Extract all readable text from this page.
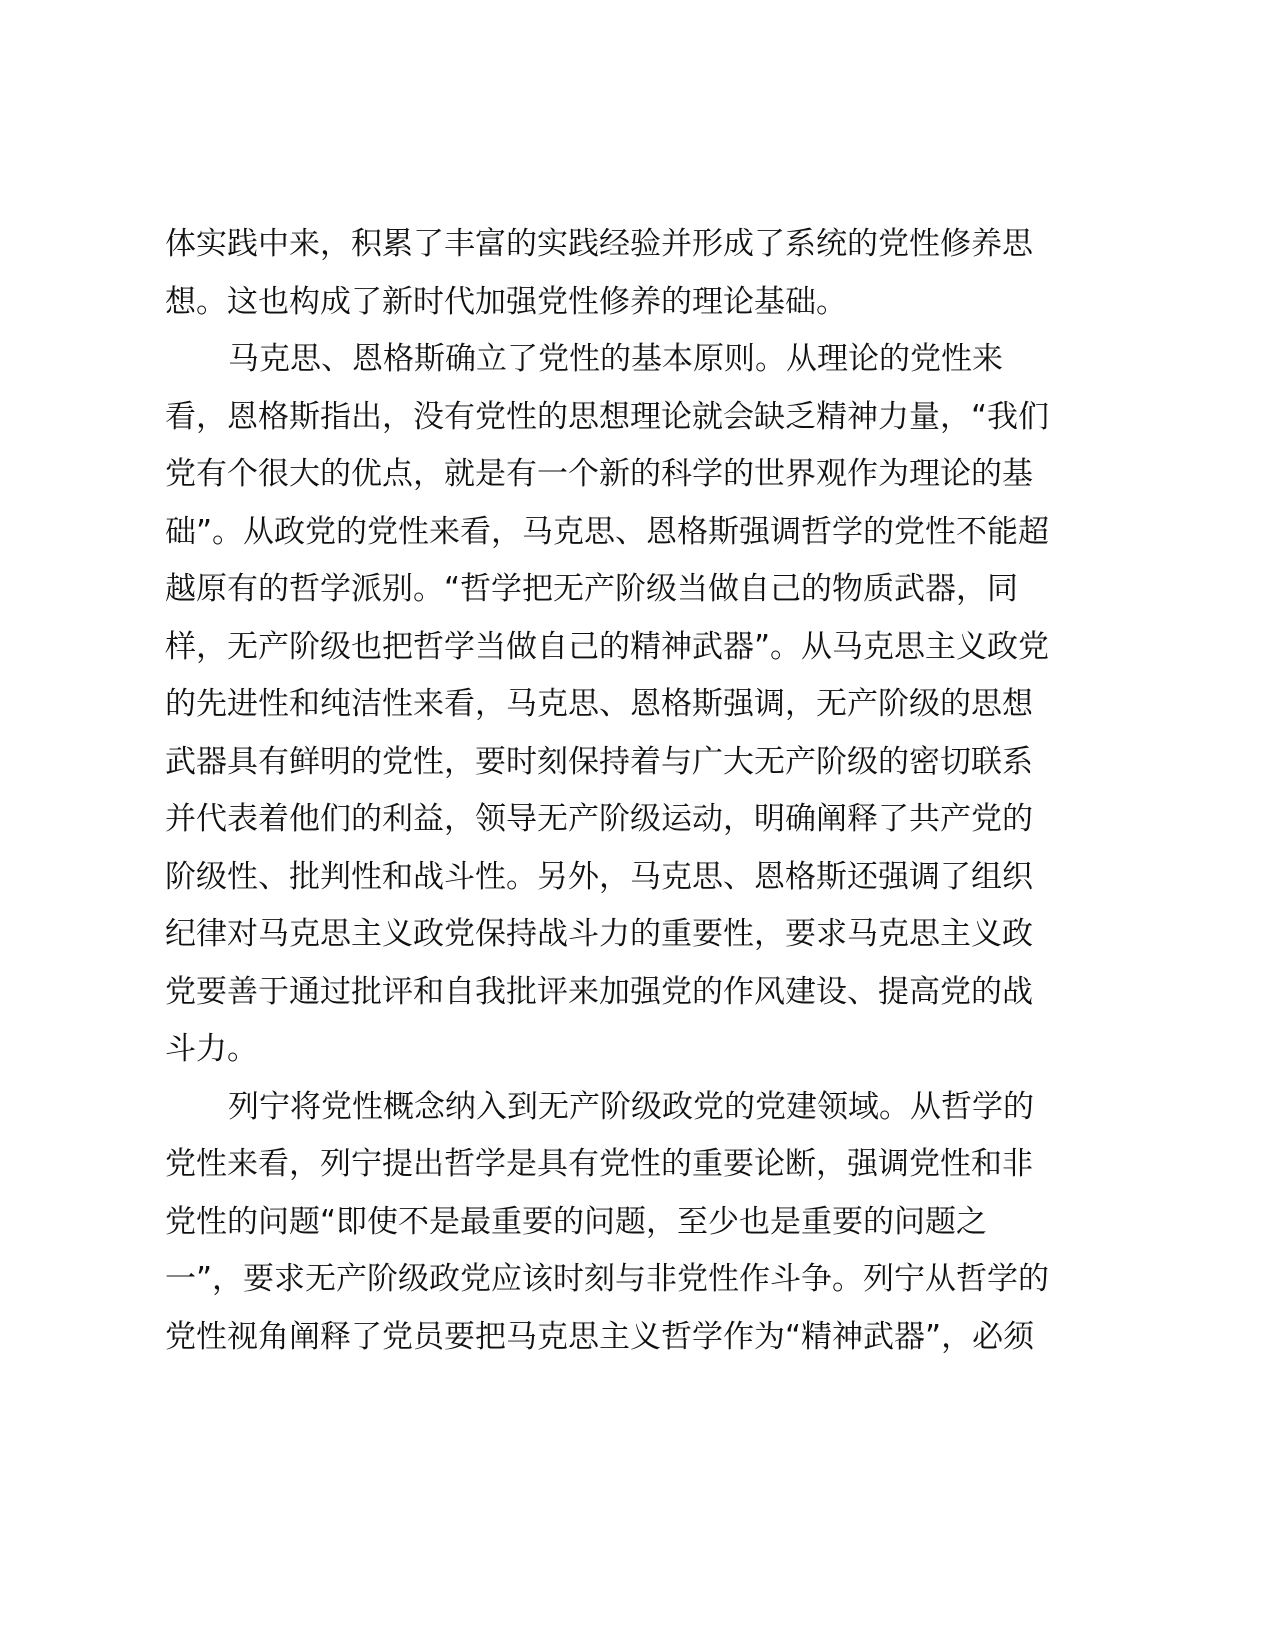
体实践中来，积累了丰富的实践经验并形成了系统的党性修养思
想。这也构成了新时代加强党性修养的理论基础。
马克思、恩格斯确立了党性的基本原则。从理论的党性来
看，恩格斯指出，没有党性的思想理论就会缺乏精神力量，“我们
党有个很大的优点，就是有一个新的科学的世界观作为理论的基
础”。从政党的党性来看，马克思、恩格斯强调哲学的党性不能超
越原有的哲学派别。“哲学把无产阶级当做自己的物质武器，同
样，无产阶级也把哲学当做自己的精神武器”。从马克思主义政党
的先进性和纯洁性来看，马克思、恩格斯强调，无产阶级的思想
武器具有鲜明的党性，要时刻保持着与广大无产阶级的密切联系
并代表着他们的利益，领导无产阶级运动，明确阐释了共产党的
阶级性、批判性和战斗性。另外，马克思、恩格斯还强调了组织
纪律对马克思主义政党保持战斗力的重要性，要求马克思主义政
党要善于通过批评和自我批评来加强党的作风建设、提高党的战
斗力。
列宁将党性概念纳入到无产阶级政党的党建领域。从哲学的
党性来看，列宁提出哲学是具有党性的重要论断，强调党性和非
党性的问题“即使不是最重要的问题，至少也是重要的问题之
一”，要求无产阶级政党应该时刻与非党性作斗争。列宁从哲学的
党性视角阐释了党员要把马克思主义哲学作为“精神武器”，必须
